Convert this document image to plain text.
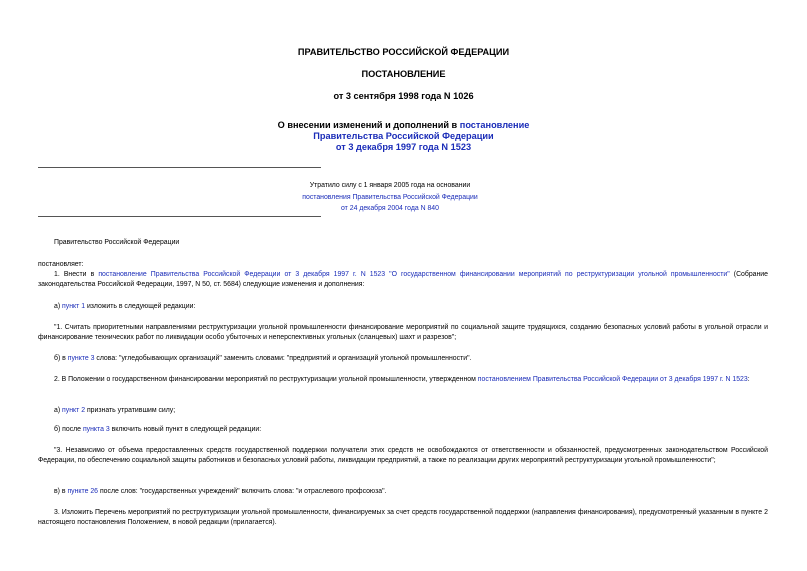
ПРАВИТЕЛЬСТВО РОССИЙСКОЙ ФЕДЕРАЦИИ
ПОСТАНОВЛЕНИЕ
от 3 сентября 1998 года N 1026
О внесении изменений и дополнений в постановление
Правительства Российской Федерации
от 3 декабря 1997 года N 1523
Утратило силу с 1 января 2005 года на основании
постановления Правительства Российской Федерации
от 24 декабря 2004 года N 840
Правительство Российской Федерации
постановляет:
1. Внести в постановление Правительства Российской Федерации от 3 декабря 1997 г. N 1523 "О государственном финансировании мероприятий по реструктуризации угольной промышленности" (Собрание законодательства Российской Федерации, 1997, N 50, ст. 5684) следующие изменения и дополнения:
а) пункт 1 изложить в следующей редакции:
"1. Считать приоритетными направлениями реструктуризации угольной промышленности финансирование мероприятий по социальной защите трудящихся, созданию безопасных условий работы в угольной отрасли и финансирование технических работ по ликвидации особо убыточных и неперспективных угольных (сланцевых) шахт и разрезов";
б) в пункте 3 слова: "угледобывающих организаций" заменить словами: "предприятий и организаций угольной промышленности".
2. В Положении о государственном финансировании мероприятий по реструктуризации угольной промышленности, утвержденном постановлением Правительства Российской Федерации от 3 декабря 1997 г. N 1523:
а) пункт 2 признать утратившим силу;
б) после пункта 3 включить новый пункт в следующей редакции:
"3. Независимо от объема предоставленных средств государственной поддержки получатели этих средств не освобождаются от ответственности и обязанностей, предусмотренных законодательством Российской Федерации, по обеспечению социальной защиты работников и безопасных условий работы, ликвидации предприятий, а также по реализации других мероприятий реструктуризации угольной промышленности";
в) в пункте 26 после слов: "государственных учреждений" включить слова: "и отраслевого профсоюза".
3. Изложить Перечень мероприятий по реструктуризации угольной промышленности, финансируемых за счет средств государственной поддержки (направления финансирования), предусмотренный указанным в пункте 2 настоящего постановления Положением, в новой редакции (прилагается).
